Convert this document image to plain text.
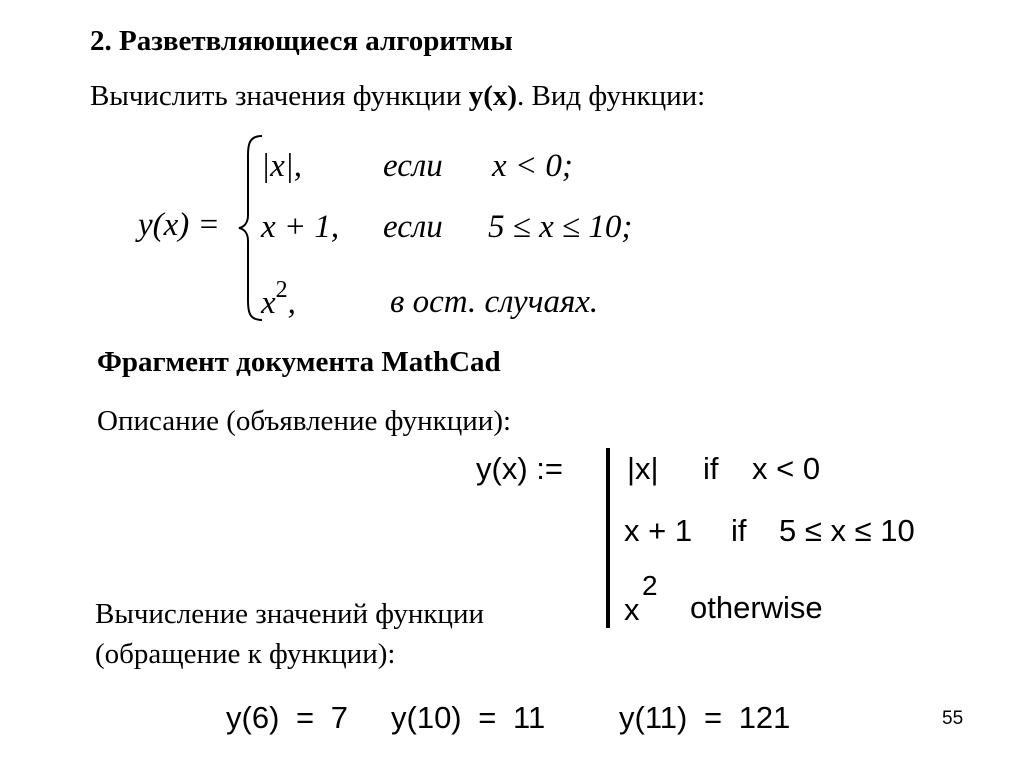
2. Разветвляющиеся алгоритмы
Вычислить значения функции y(x). Вид функции:
y(x) =
|x|, если x < 0;
x + 1, если 5 ≤ x ≤ 10;
$x^2$,	в ост. случаях.
Фрагмент документа MathCad
Описание (объявление функции):
y(x) := |x| if x < 0
x + 1 if 5 ≤ x ≤ 10
x
2
otherwise
Вычисление значений функции
(обращение к функции):
y(6) = 7 y(10) = 11 y(11) = 121	55
